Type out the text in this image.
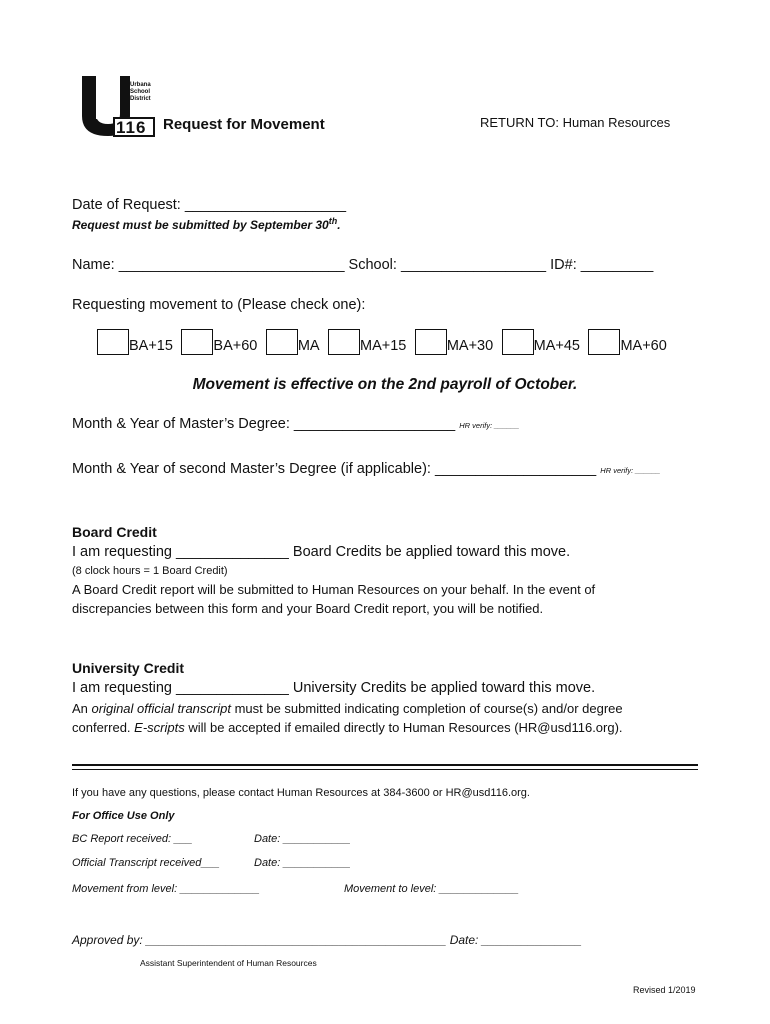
Urbana
School
District
116 Request for Movement	RETURN TO: Human Resources
Date of Request: ____________________
Request must be submitted by September 30th.
Name: ____________________________ School: __________________ ID#: _________
Requesting movement to (Please check one):
BA+15	BA+60	MA	MA+15	MA+30	MA+45	MA+60
Movement is effective on the 2nd payroll of October.
Month & Year of Master’s Degree: ____________________ HR verify: ______
Month & Year of second Master’s Degree (if applicable): ____________________ HR verify: ______
Board Credit
I am requesting ______________ Board Credits be applied toward this move.
(8 clock hours = 1 Board Credit)
A Board Credit report will be submitted to Human Resources on your behalf. In the event of
discrepancies between this form and your Board Credit report, you will be notified.
University Credit
I am requesting ______________ University Credits be applied toward this move.
An original official transcript must be submitted indicating completion of course(s) and/or degree
conferred. E-scripts will be accepted if emailed directly to Human Resources (HR@usd116.org).
If you have any questions, please contact Human Resources at 384-3600 or HR@usd116.org.
For Office Use Only
BC Report received: ___	Date: ___________
Official Transcript received___	Date: ___________
Movement from level: _____________	Movement to level: _____________
Approved by: _____________________________________________ Date: _______________
Assistant Superintendent of Human Resources
Revised 1/2019
